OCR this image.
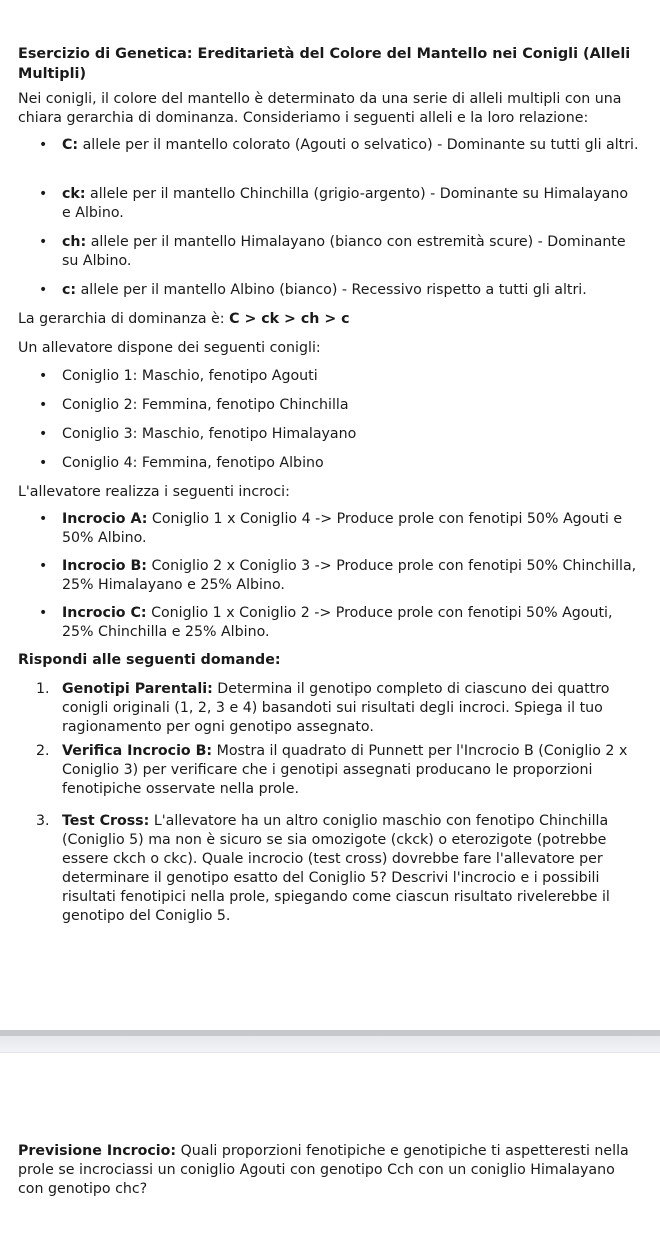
Esercizio di Genetica: Ereditarietà del Colore del Mantello nei Conigli (Alleli Multipli)
Nei conigli, il colore del mantello è determinato da una serie di alleli multipli con una chiara gerarchia di dominanza. Consideriamo i seguenti alleli e la loro relazione:
• C: allele per il mantello colorato (Agouti o selvatico) - Dominante su tutti gli altri.
• ck: allele per il mantello Chinchilla (grigio-argento) - Dominante su Himalayano e Albino.
• ch: allele per il mantello Himalayano (bianco con estremità scure) - Dominante su Albino.
• c: allele per il mantello Albino (bianco) - Recessivo rispetto a tutti gli altri.
La gerarchia di dominanza è: C > ck > ch > c
Un allevatore dispone dei seguenti conigli:
• Coniglio 1: Maschio, fenotipo Agouti
• Coniglio 2: Femmina, fenotipo Chinchilla
• Coniglio 3: Maschio, fenotipo Himalayano
• Coniglio 4: Femmina, fenotipo Albino
L'allevatore realizza i seguenti incroci:
• Incrocio A: Coniglio 1 x Coniglio 4 -> Produce prole con fenotipi 50% Agouti e 50% Albino.
• Incrocio B: Coniglio 2 x Coniglio 3 -> Produce prole con fenotipi 50% Chinchilla, 25% Himalayano e 25% Albino.
• Incrocio C: Coniglio 1 x Coniglio 2 -> Produce prole con fenotipi 50% Agouti, 25% Chinchilla e 25% Albino.
Rispondi alle seguenti domande:
1. Genotipi Parentali: Determina il genotipo completo di ciascuno dei quattro conigli originali (1, 2, 3 e 4) basandoti sui risultati degli incroci. Spiega il tuo ragionamento per ogni genotipo assegnato.
2. Verifica Incrocio B: Mostra il quadrato di Punnett per l'Incrocio B (Coniglio 2 x Coniglio 3) per verificare che i genotipi assegnati producano le proporzioni fenotipiche osservate nella prole.
3. Test Cross: L'allevatore ha un altro coniglio maschio con fenotipo Chinchilla (Coniglio 5) ma non è sicuro se sia omozigote (ckck) o eterozigote (potrebbe essere ckch o ckc). Quale incrocio (test cross) dovrebbe fare l'allevatore per determinare il genotipo esatto del Coniglio 5? Descrivi l'incrocio e i possibili risultati fenotipici nella prole, spiegando come ciascun risultato rivelerebbe il genotipo del Coniglio 5.
Previsione Incrocio: Quali proporzioni fenotipiche e genotipiche ti aspetteresti nella prole se incrociassi un coniglio Agouti con genotipo Cch con un coniglio Himalayano con genotipo chc?
